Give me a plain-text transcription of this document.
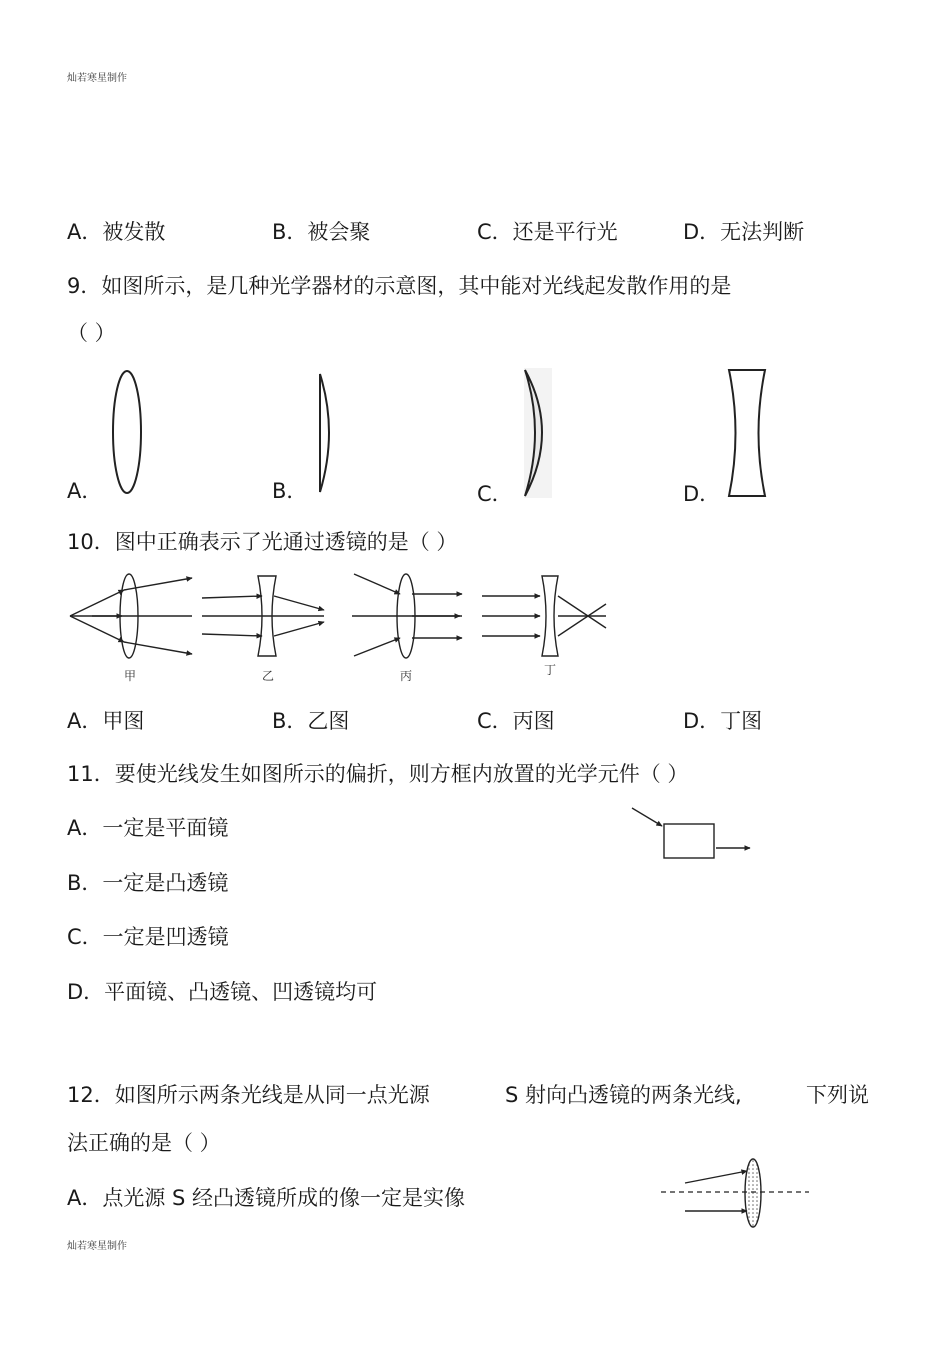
灿若寒星制作
A．被发散	B．被会聚	C．还是平行光	D．无法判断
9．如图所示，是几种光学器材的示意图，其中能对光线起发散作用的是
（ ）
A．	B．	C．	D．
10．图中正确表示了光通过透镜的是（ ）
甲	乙	丙	丁
A．甲图	B．乙图	C．丙图	D．丁图
11．要使光线发生如图所示的偏折，则方框内放置的光学元件（ ）
A．一定是平面镜
B．一定是凸透镜
C．一定是凹透镜
D．平面镜、凸透镜、凹透镜均可
12．如图所示两条光线是从同一点光源	S 射向凸透镜的两条光线,	下列说
法正确的是（ ）
A．点光源 S 经凸透镜所成的像一定是实像
灿若寒星制作
